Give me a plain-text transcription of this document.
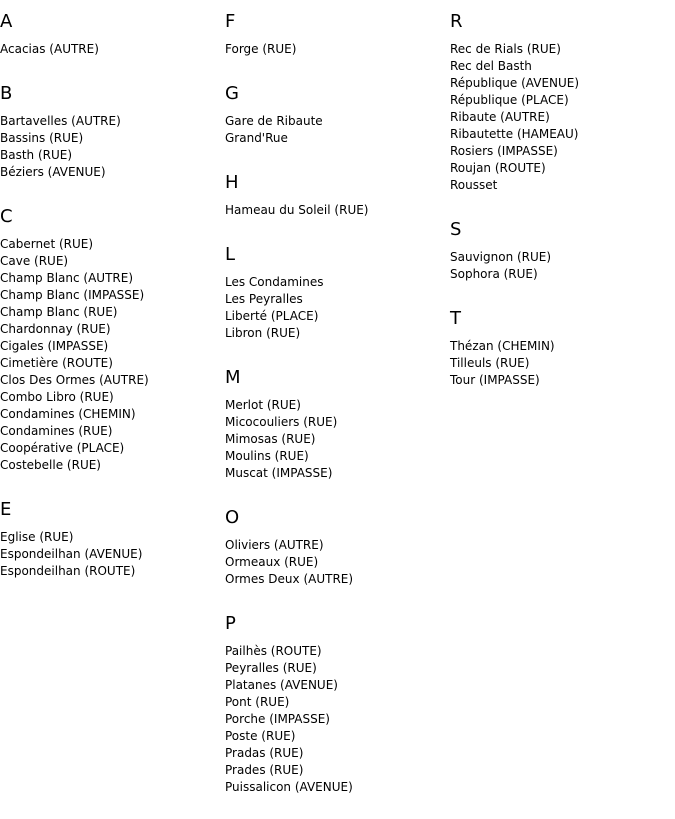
A
Acacias (AUTRE)
B
Bartavelles (AUTRE)
Bassins (RUE)
Basth (RUE)
Béziers (AVENUE)
C
Cabernet (RUE)
Cave (RUE)
Champ Blanc (AUTRE)
Champ Blanc (IMPASSE)
Champ Blanc (RUE)
Chardonnay (RUE)
Cigales (IMPASSE)
Cimetière (ROUTE)
Clos Des Ormes (AUTRE)
Combo Libro (RUE)
Condamines (CHEMIN)
Condamines (RUE)
Coopérative (PLACE)
Costebelle (RUE)
E
Eglise (RUE)
Espondeilhan (AVENUE)
Espondeilhan (ROUTE)
F
Forge (RUE)
G
Gare de Ribaute
Grand'Rue
H
Hameau du Soleil (RUE)
L
Les Condamines
Les Peyralles
Liberté (PLACE)
Libron (RUE)
M
Merlot (RUE)
Micocouliers (RUE)
Mimosas (RUE)
Moulins (RUE)
Muscat (IMPASSE)
O
Oliviers (AUTRE)
Ormeaux (RUE)
Ormes Deux (AUTRE)
P
Pailhès (ROUTE)
Peyralles (RUE)
Platanes (AVENUE)
Pont (RUE)
Porche (IMPASSE)
Poste (RUE)
Pradas (RUE)
Prades (RUE)
Puissalicon (AVENUE)
R
Rec de Rials (RUE)
Rec del Basth
République (AVENUE)
République (PLACE)
Ribaute (AUTRE)
Ribautette (HAMEAU)
Rosiers (IMPASSE)
Roujan (ROUTE)
Rousset
S
Sauvignon (RUE)
Sophora (RUE)
T
Thézan (CHEMIN)
Tilleuls (RUE)
Tour (IMPASSE)
